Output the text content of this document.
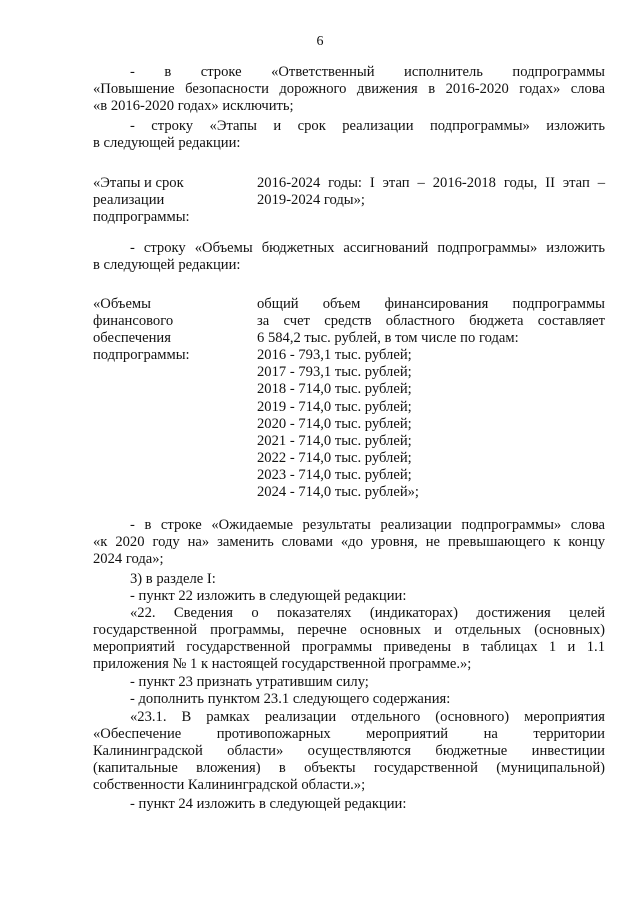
6
-    в    строке    «Ответственный    исполнитель    подпрограммы
«Повышение безопасности дорожного движения в 2016-2020 годах» слова
«в 2016-2020 годах» исключить;
- строку «Этапы и срок реализации подпрограммы» изложить
в следующей редакции:
«Этапы и срок
реализации
подпрограммы:
2016-2024 годы: I этап – 2016-2018 годы, II этап –
2019-2024 годы»;
- строку «Объемы бюджетных ассигнований подпрограммы» изложить
в следующей редакции:
«Объемы
финансового
обеспечения
подпрограммы:
общий объем финансирования подпрограммы
за счет средств областного бюджета составляет
6 584,2 тыс. рублей, в том числе по годам:
2016 - 793,1 тыс. рублей;
2017 - 793,1 тыс. рублей;
2018 - 714,0 тыс. рублей;
2019 - 714,0 тыс. рублей;
2020 - 714,0 тыс. рублей;
2021 - 714,0 тыс. рублей;
2022 - 714,0 тыс. рублей;
2023 - 714,0 тыс. рублей;
2024 - 714,0 тыс. рублей»;
- в строке «Ожидаемые результаты реализации подпрограммы» слова
«к 2020 году на» заменить словами «до уровня, не превышающего к концу
2024 года»;
3) в разделе I:
- пункт 22 изложить в следующей редакции:
«22. Сведения о показателях (индикаторах) достижения целей
государственной программы, перечне основных и отдельных (основных)
мероприятий государственной программы приведены в таблицах 1 и 1.1
приложения № 1 к настоящей государственной программе.»;
- пункт 23 признать утратившим силу;
- дополнить пунктом 23.1 следующего содержания:
«23.1. В рамках реализации отдельного (основного) мероприятия
«Обеспечение противопожарных мероприятий на территории
Калининградской области» осуществляются бюджетные инвестиции
(капитальные вложения) в объекты государственной (муниципальной)
собственности Калининградской области.»;
- пункт 24 изложить в следующей редакции:
